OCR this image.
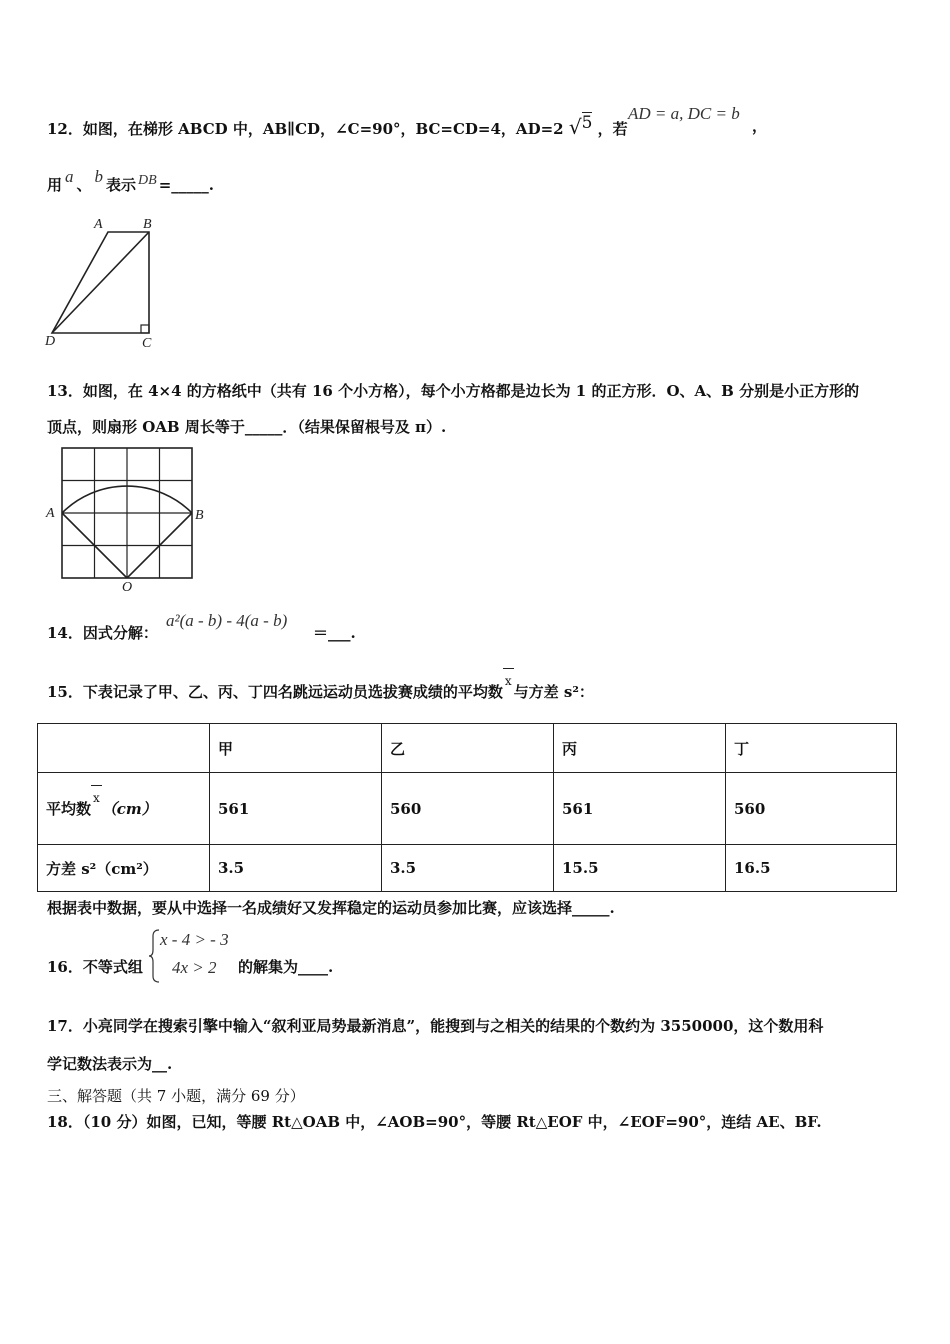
12．如图，在梯形 ABCD 中，AB∥CD，∠C=90°，BC=CD=4，AD=2 √5 ，若
AD = a, DC = b
，
用 a 、 b 表示 DB =_____.
A	B
C
D
13．如图，在 4×4 的方格纸中（共有 16 个小方格），每个小方格都是边长为 1 的正方形．O、A、B 分别是小正方形的
顶点，则扇形 OAB 周长等于_____．（结果保留根号及 π）.
A	B
O
14．因式分解：
a²(a - b) - 4(a - b)
＝___.
15．下表记录了甲、乙、丙、丁四名跳远运动员选拔赛成绩的平均数x与方差 s²：
	甲	乙	丙	丁
平均数x（cm）	561	560	561	560
方差 s²（cm²）	3.5	3.5	15.5	16.5
根据表中数据，要从中选择一名成绩好又发挥稳定的运动员参加比赛，应该选择_____.
16．不等式组
x - 4 > - 3
4x > 2 的解集为____.
17．小亮同学在搜索引擎中输入“叙利亚局势最新消息”，能搜到与之相关的结果的个数约为 3550000，这个数用科
学记数法表示为__.
三、解答题（共 7 小题，满分 69 分）
18．（10 分）如图，已知，等腰 Rt△OAB 中，∠AOB=90°，等腰 Rt△EOF 中，∠EOF=90°，连结 AE、BF.
